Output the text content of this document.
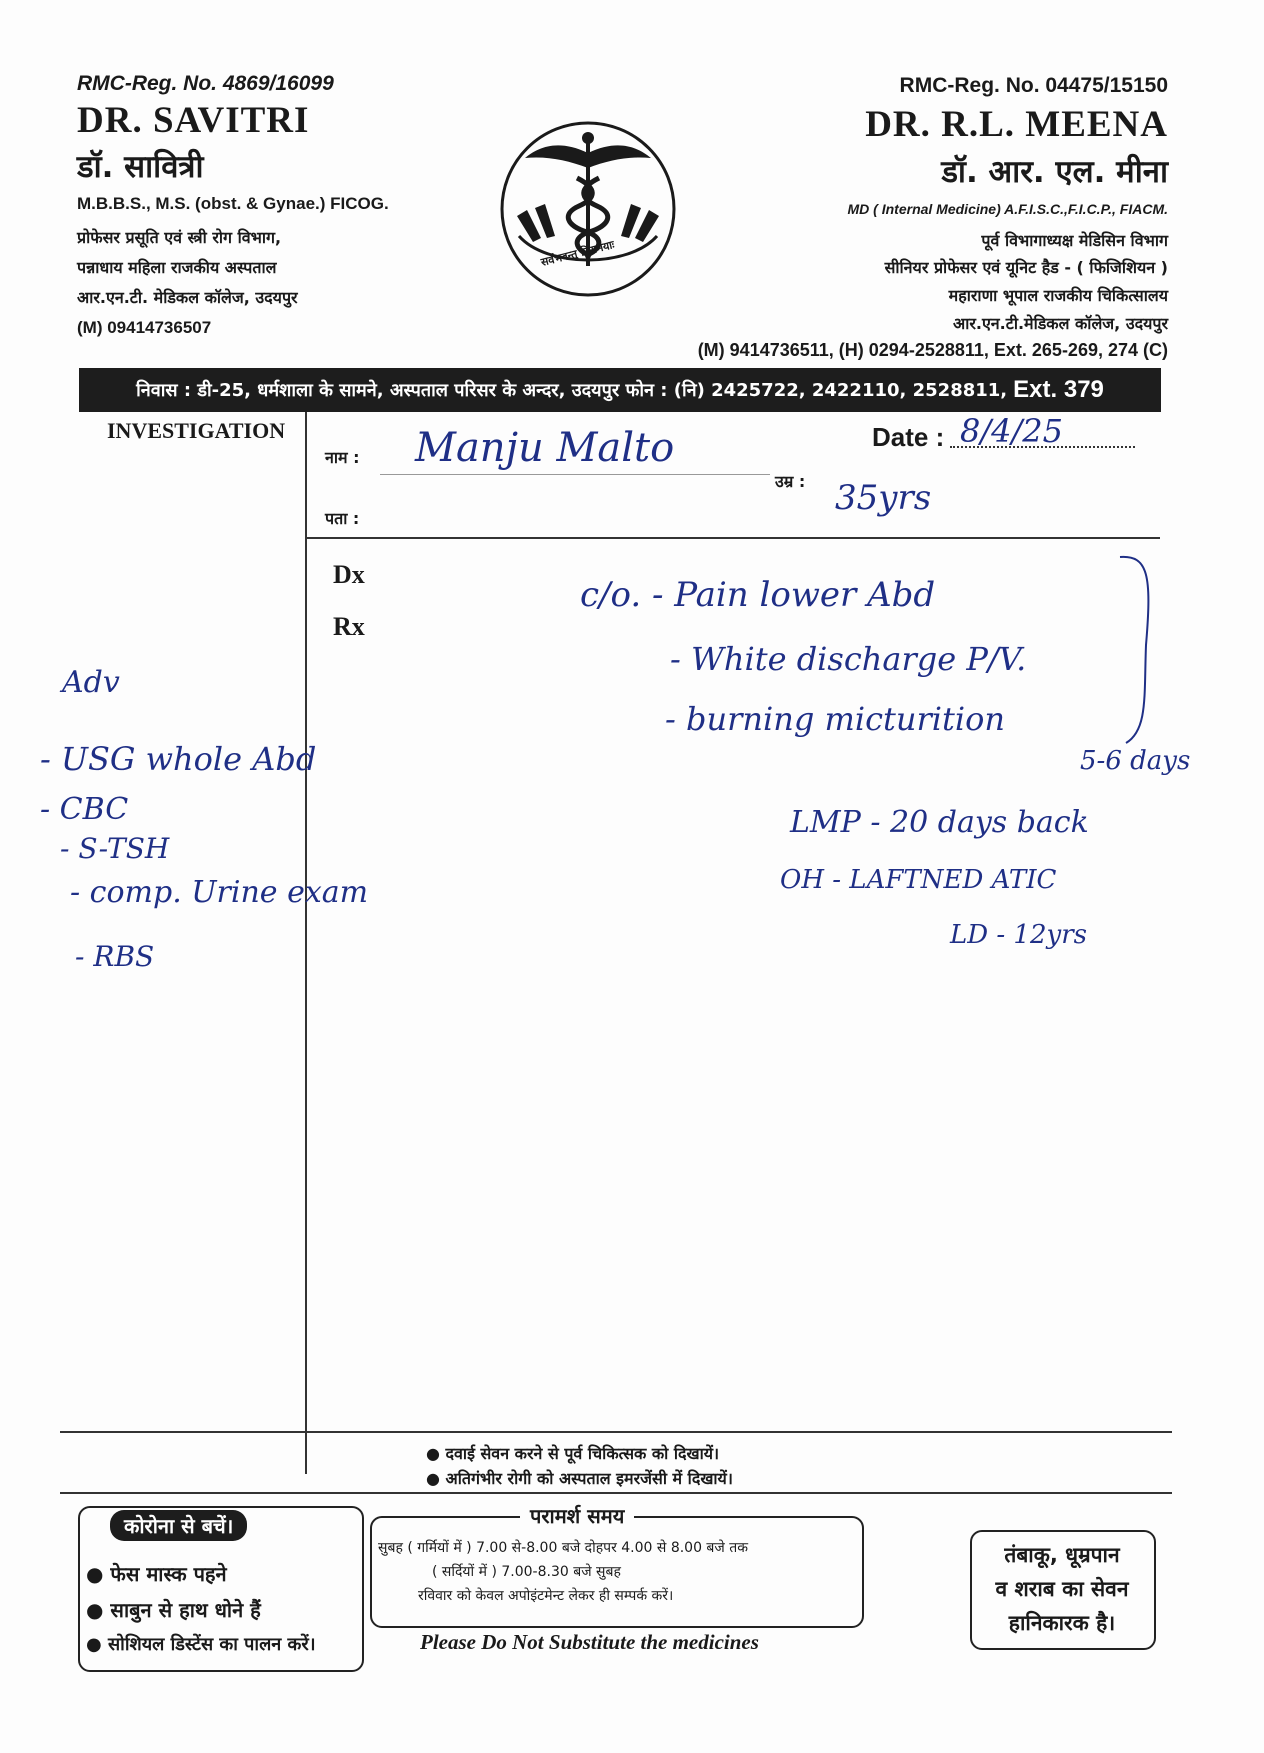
RMC-Reg. No. 4869/16099
DR. SAVITRI
डॉ. सावित्री
M.B.B.S., M.S. (obst. & Gynae.) FICOG.
प्रोफेसर प्रसूति एवं स्त्री रोग विभाग,
पन्नाधाय महिला राजकीय अस्पताल
आर.एन.टी. मेडिकल कॉलेज, उदयपुर
(M) 09414736507
सर्वेभवन्तु निरामयाः
RMC-Reg. No. 04475/15150
DR. R.L. MEENA
डॉ. आर. एल. मीना
MD ( Internal Medicine) A.F.I.S.C.,F.I.C.P., FIACM.
पूर्व विभागाध्यक्ष मेडिसिन विभाग
सीनियर प्रोफेसर एवं यूनिट हैड - ( फिजिशियन )
महाराणा भूपाल राजकीय चिकित्सालय
आर.एन.टी.मेडिकल कॉलेज, उदयपुर
(M) 9414736511, (H) 0294-2528811, Ext. 265-269, 274 (C)
निवास : डी-25, धर्मशाला के सामने, अस्पताल परिसर के अन्दर, उदयपुर फोन : (नि) 2425722, 2422110, 2528811, Ext. 379
INVESTIGATION
नाम : Manju Malto	Date : 8/4/25
उम्र : 35yrs
पता :
Dx
Rx
c/o. - Pain lower Abd
- White discharge P/V.
- burning micturition
5-6 days
LMP - 20 days back
OH - LAFTNED ATIC
LD - 12yrs
Adv
- USG whole Abd
- CBC
- S-TSH
- comp. Urine exam
- RBS
● दवाई सेवन करने से पूर्व चिकित्सक को दिखायें।
● अतिगंभीर रोगी को अस्पताल इमरजेंसी में दिखायें।
कोरोना से बचें।
● फेस मास्क पहने
● साबुन से हाथ धोने हैं
● सोशियल डिस्टेंस का पालन करें।
परामर्श समय
सुबह ( गर्मियों में ) 7.00 से-8.00 बजे दोहपर 4.00 से 8.00 बजे तक
( सर्दियों में ) 7.00-8.30 बजे सुबह
रविवार को केवल अपोइंटमेन्ट लेकर ही सम्पर्क करें।
Please Do Not Substitute the medicines
तंबाकू, धूम्रपान
व शराब का सेवन
हानिकारक है।
